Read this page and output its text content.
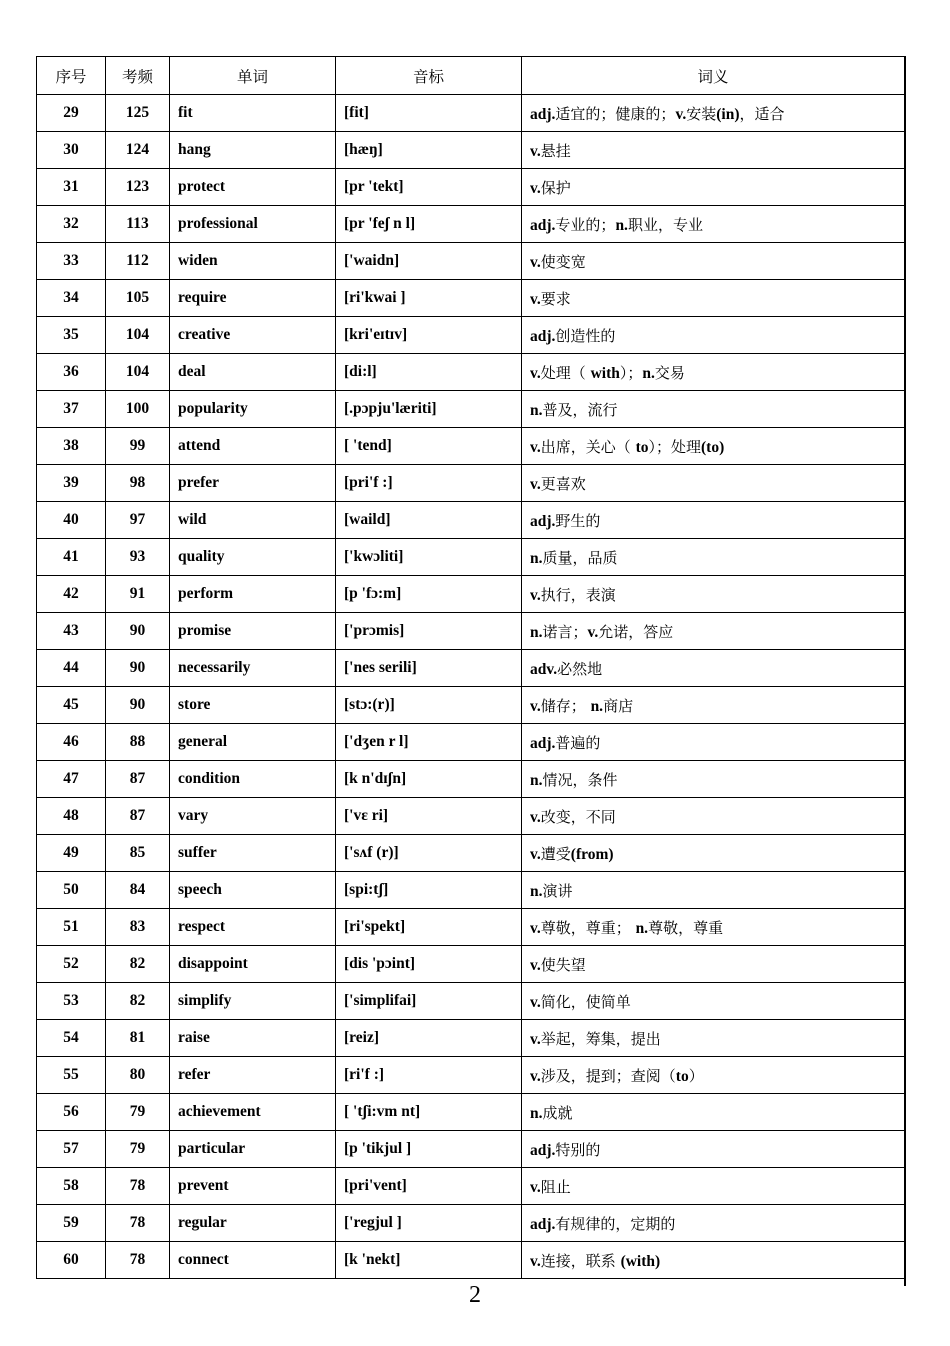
序号	考频	单词	音标	词义
29	125	fit	[fit]	adj.适宜的；健康的；v.安装(in)，适合
30	124	hang	[hæŋ]	v.悬挂
31	123	protect	[pr 'tekt]	v.保护
32	113	professional	[pr 'feʃ n l]	adj.专业的；n.职业，专业
33	112	widen	['waidn]	v.使变宽
34	105	require	[ri'kwai ]	v.要求
35	104	creative	[kri'eɪtɪv]	adj.创造性的
36	104	deal	[di:l]	v.处理（ with）；n.交易
37	100	popularity	[.pɔpju'læriti]	n.普及，流行
38	99	attend	[ 'tend]	v.出席，关心（ to）；处理(to)
39	98	prefer	[pri'f :]	v.更喜欢
40	97	wild	[waild]	adj.野生的
41	93	quality	['kwɔliti]	n.质量，品质
42	91	perform	[p 'fɔ:m]	v.执行，表演
43	90	promise	['prɔmis]	n.诺言；v.允诺，答应
44	90	necessarily	['nes serili]	adv.必然地
45	90	store	[stɔ:(r)]	v.储存； n.商店
46	88	general	['dʒen r l]	adj.普遍的
47	87	condition	[k n'dɪʃn]	n.情况，条件
48	87	vary	['vɛ ri]	v.改变，不同
49	85	suffer	['sʌf (r)]	v.遭受(from)
50	84	speech	[spi:tʃ]	n.演讲
51	83	respect	[ri'spekt]	v.尊敬，尊重； n.尊敬，尊重
52	82	disappoint	[dis 'pɔint]	v.使失望
53	82	simplify	['simplifai]	v.简化，使简单
54	81	raise	[reiz]	v.举起，筹集，提出
55	80	refer	[ri'f :]	v.涉及，提到；查阅（to）
56	79	achievement	[ 'tʃi:vm nt]	n.成就
57	79	particular	[p 'tikjul ]	adj.特别的
58	78	prevent	[pri'vent]	v.阻止
59	78	regular	['regjul ]	adj.有规律的，定期的
60	78	connect	[k 'nekt]	v.连接，联系 (with)
2
